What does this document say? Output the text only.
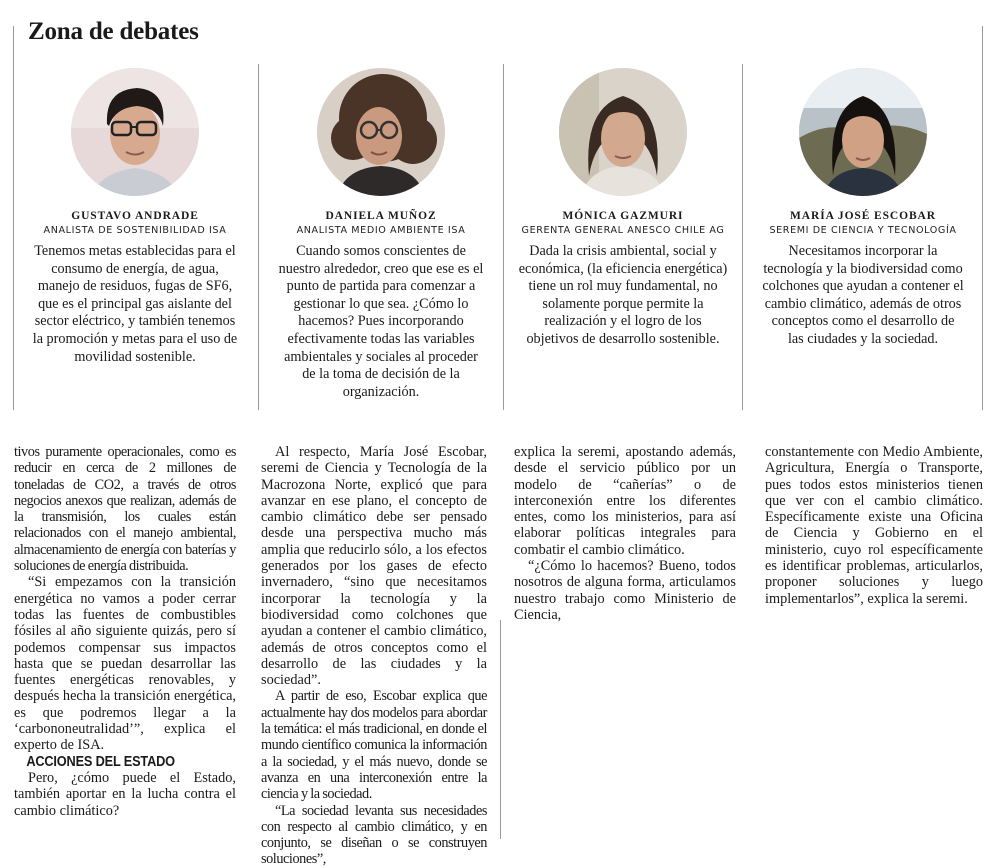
Zona de debates
GUSTAVO ANDRADE
ANALISTA DE SOSTENIBILIDAD ISA
Tenemos metas establecidas para el consumo de energía, de agua, manejo de residuos, fugas de SF6, que es el principal gas aislante del sector eléctrico, y también tenemos la promoción y metas para el uso de movilidad sostenible.
DANIELA MUÑOZ
ANALISTA MEDIO AMBIENTE ISA
Cuando somos conscientes de nuestro alrededor, creo que ese es el punto de partida para comenzar a gestionar lo que sea. ¿Cómo lo hacemos? Pues incorporando efectivamente todas las variables ambientales y sociales al proceder de la toma de decisión de la organización.
MÓNICA GAZMURI
GERENTA GENERAL ANESCO CHILE AG
Dada la crisis ambiental, social y económica, (la eficiencia energética) tiene un rol muy fundamental, no solamente porque permite la realización y el logro de los objetivos de desarrollo sostenible.
MARÍA JOSÉ ESCOBAR
SEREMI DE CIENCIA Y TECNOLOGÍA
Necesitamos incorporar la tecnología y la biodiversidad como colchones que ayudan a contener el cambio climático, además de otros conceptos como el desarrollo de las ciudades y la sociedad.

tivos puramente operacionales, como es reducir en cerca de 2 millones de toneladas de CO2, a través de otros negocios anexos que realizan, además de la transmisión, los cuales están relacionados con el manejo ambiental, almacenamiento de energía con baterías y soluciones de energía distribuida.

“Si empezamos con la transición energética no vamos a poder cerrar todas las fuentes de combustibles fósiles al año siguiente quizás, pero sí podemos compensar sus impactos hasta que se puedan desarrollar las fuentes energéticas renovables, y después hecha la transición energética, es que podremos llegar a la ‘carbononeutralidad’”, explica el experto de ISA.

ACCIONES DEL ESTADO

Pero, ¿cómo puede el Estado, también aportar en la lucha contra el cambio climático?

Al respecto, María José Escobar, seremi de Ciencia y Tecnología de la Macrozona Norte, explicó que para avanzar en ese plano, el concepto de cambio climático debe ser pensado desde una perspectiva mucho más amplia que reducirlo sólo, a los efectos generados por los gases de efecto invernadero, “sino que necesitamos incorporar la tecnología y la biodiversidad como colchones que ayudan a contener el cambio climático, además de otros conceptos como el desarrollo de las ciudades y la sociedad”.

A partir de eso, Escobar explica que actualmente hay dos modelos para abordar la temática: el más tradicional, en donde el mundo científico comunica la información a la sociedad, y el más nuevo, donde se avanza en una interconexión entre la ciencia y la sociedad.

“La sociedad levanta sus necesidades con respecto al cambio climático, y en conjunto, se diseñan o se construyen soluciones”,

explica la seremi, apostando además, desde el servicio público por un modelo de “cañerías” o de interconexión entre los diferentes entes, como los ministerios, para así elaborar políticas integrales para combatir el cambio climático.

“¿Cómo lo hacemos? Bueno, todos nosotros de alguna forma, articulamos nuestro trabajo como Ministerio de Ciencia,

constantemente con Medio Ambiente, Agricultura, Energía o Transporte, pues todos estos ministerios tienen que ver con el cambio climático. Específicamente existe una Oficina de Ciencia y Gobierno en el ministerio, cuyo rol específicamente es identificar problemas, articularlos, proponer soluciones y luego implementarlos”, explica la seremi.
